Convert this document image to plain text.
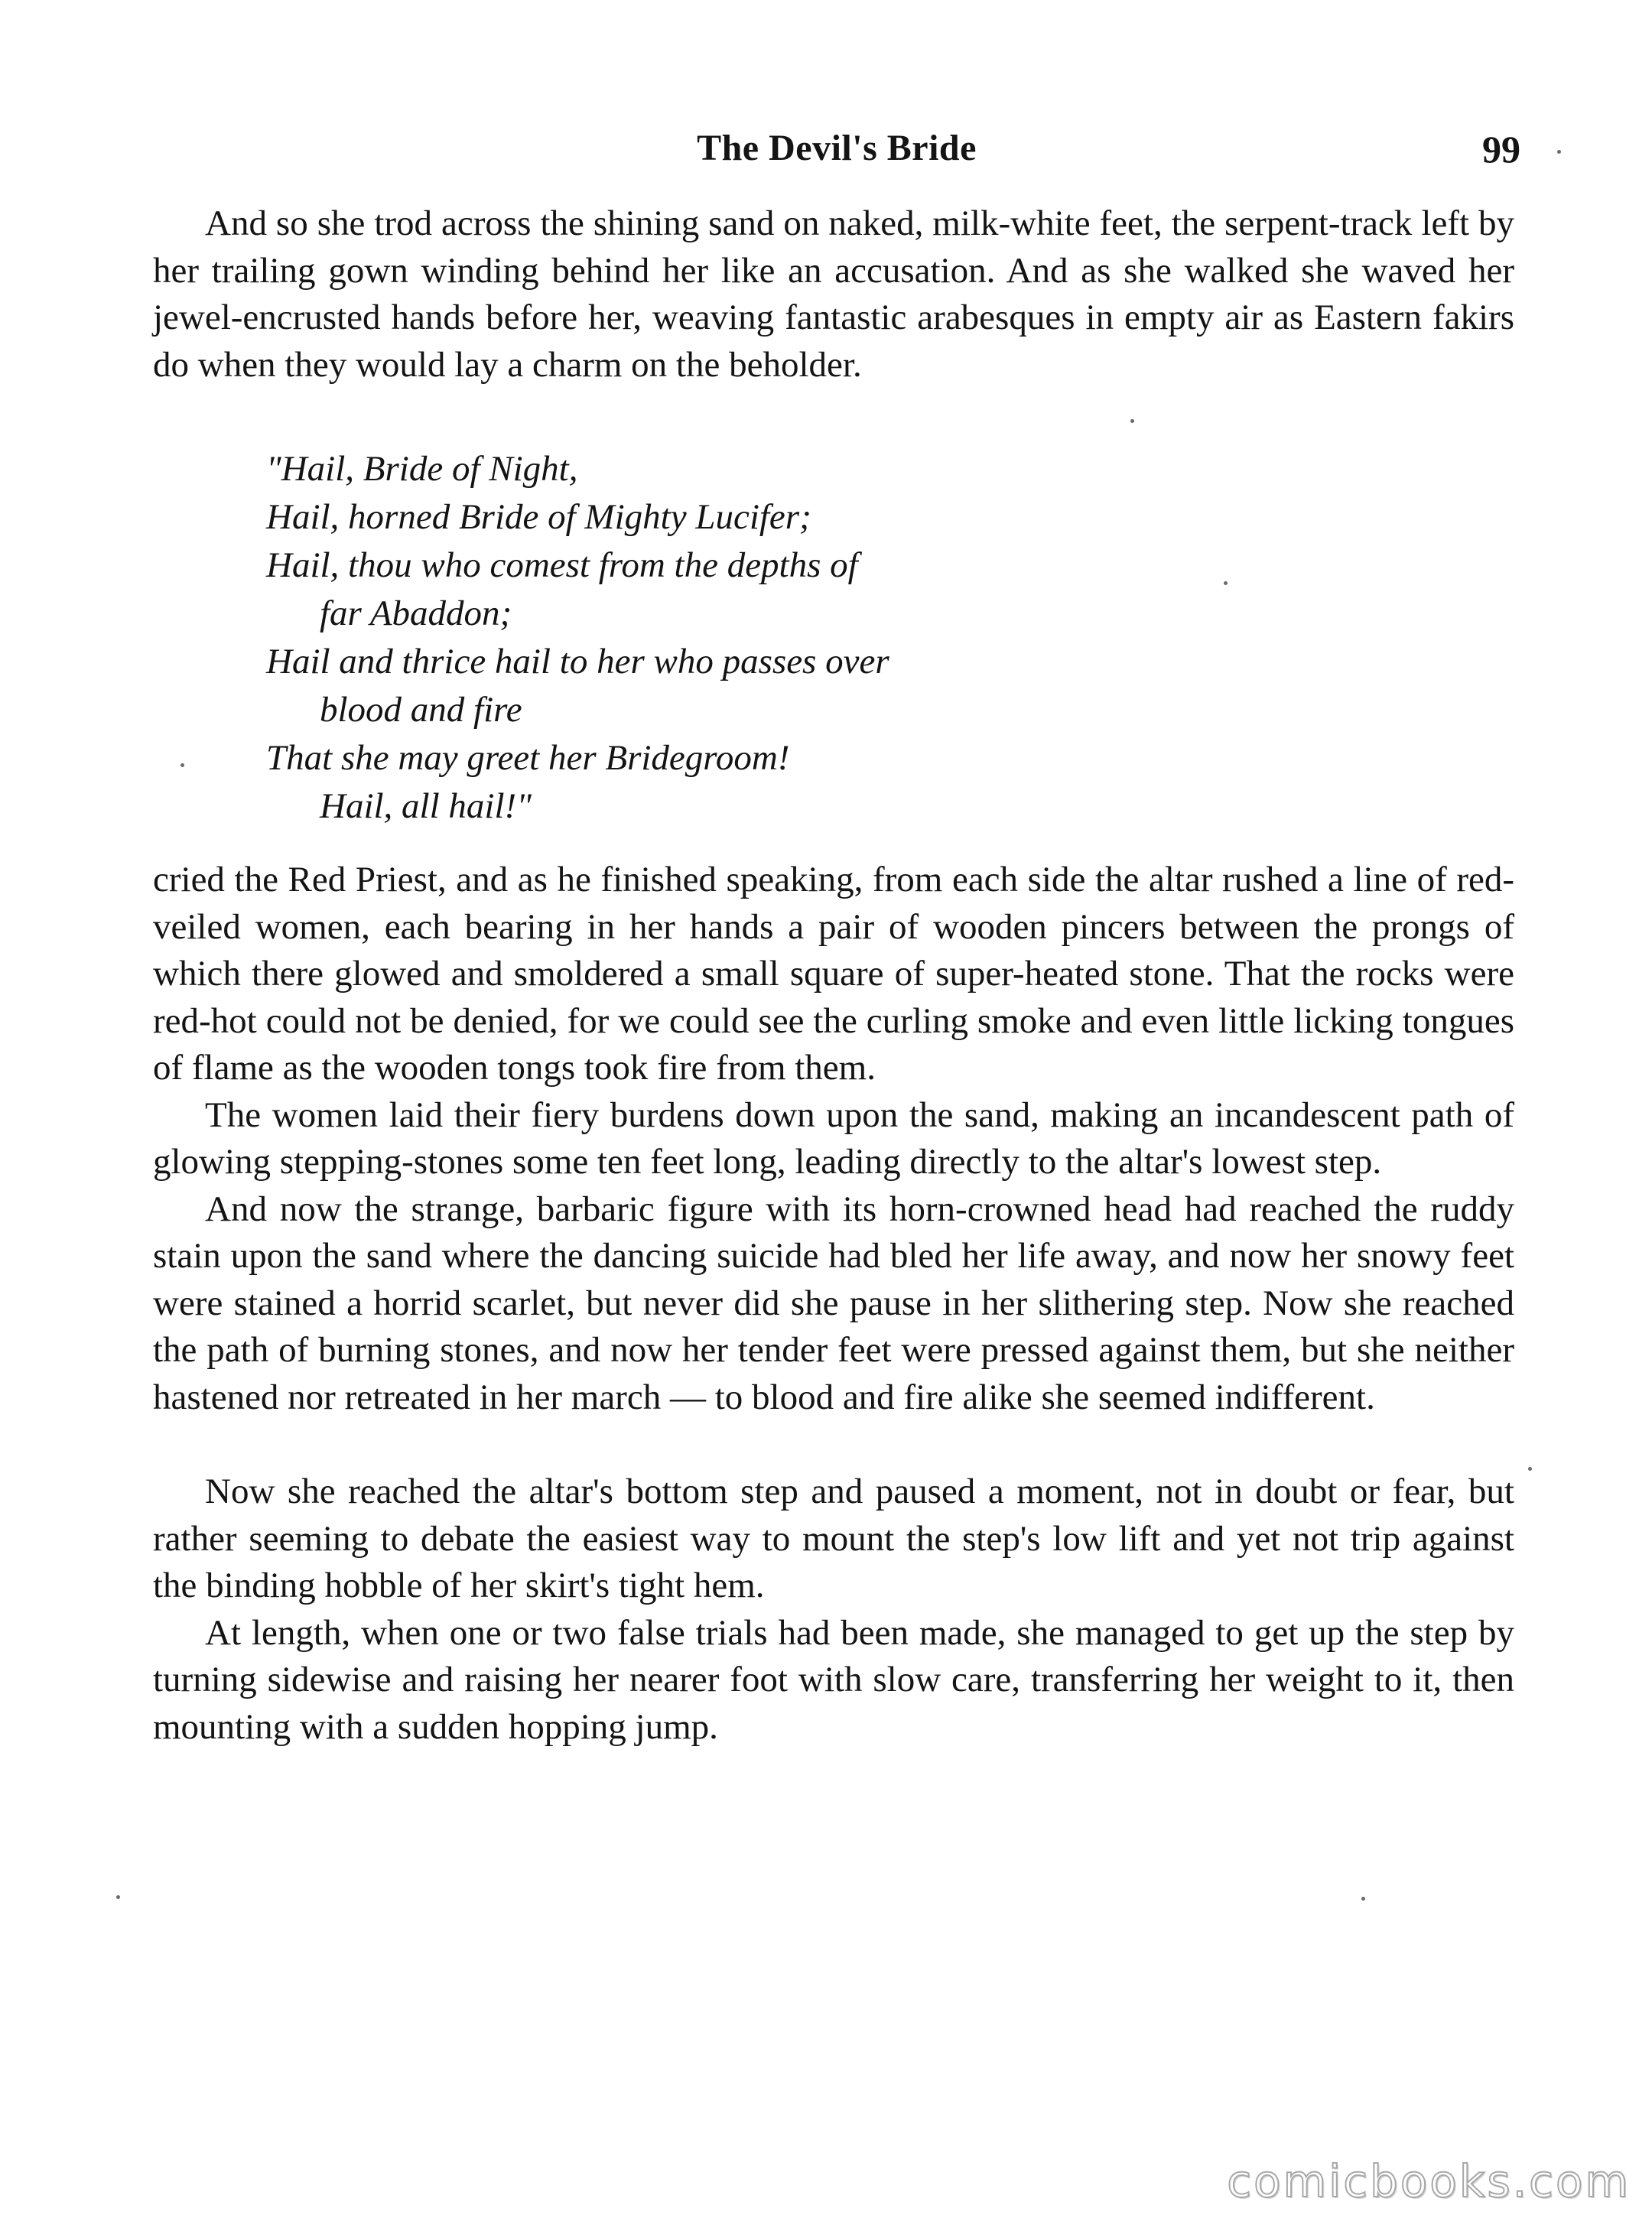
The Devil's Bride	99

And so she trod across the shining sand on naked, milk-white feet, the serpent-track left by her trailing gown winding behind her like an accusation. And as she walked she waved her jewel-encrusted hands before her, weaving fantastic arabesques in empty air as Eastern fakirs do when they would lay a charm on the beholder.

"Hail, Bride of Night,
Hail, horned Bride of Mighty Lucifer;
Hail, thou who comest from the depths of
far Abaddon;
Hail and thrice hail to her who passes over
blood and fire
That she may greet her Bridegroom!
Hail, all hail!"

cried the Red Priest, and as he finished speaking, from each side the altar rushed a line of red-veiled women, each bearing in her hands a pair of wooden pincers between the prongs of which there glowed and smoldered a small square of super-heated stone. That the rocks were red-hot could not be denied, for we could see the curling smoke and even little licking tongues of flame as the wooden tongs took fire from them.

The women laid their fiery burdens down upon the sand, making an incandescent path of glowing stepping-stones some ten feet long, leading directly to the altar's lowest step.

And now the strange, barbaric figure with its horn-crowned head had reached the ruddy stain upon the sand where the dancing suicide had bled her life away, and now her snowy feet were stained a horrid scarlet, but never did she pause in her slithering step. Now she reached the path of burning stones, and now her tender feet were pressed against them, but she neither hastened nor retreated in her march — to blood and fire alike she seemed indifferent.

Now she reached the altar's bottom step and paused a moment, not in doubt or fear, but rather seeming to debate the easiest way to mount the step's low lift and yet not trip against the binding hobble of her skirt's tight hem.

At length, when one or two false trials had been made, she managed to get up the step by turning sidewise and raising her nearer foot with slow care, transferring her weight to it, then mounting with a sudden hopping jump.

comicbooks.com
